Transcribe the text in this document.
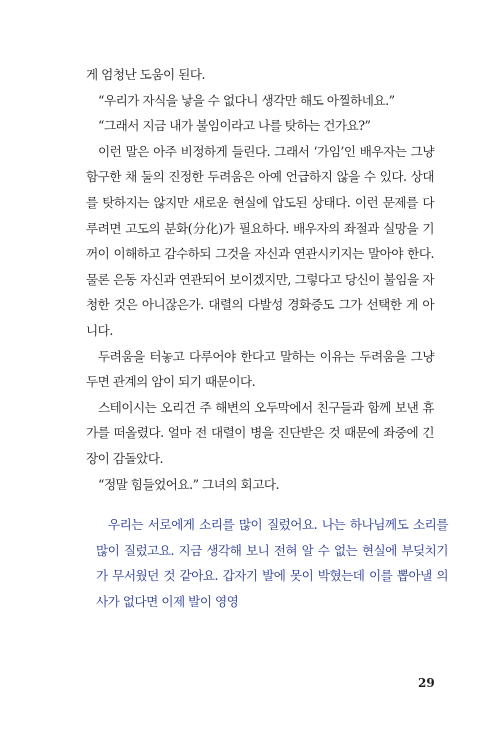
게 엄청난 도움이 된다.

“우리가 자식을 낳을 수 없다니 생각만 해도 아찔하네요.”

“그래서 지금 내가 불임이라고 나를 탓하는 건가요?”

이런 말은 아주 비정하게 들린다. 그래서 ‘가임’인 배우자는 그냥 함구한 채 둘의 진정한 두려움은 아예 언급하지 않을 수 있다. 상대를 탓하지는 않지만 새로운 현실에 압도된 상태다. 이런 문제를 다루려면 고도의 분화(分化)가 필요하다. 배우자의 좌절과 실망을 기꺼이 이해하고 감수하되 그것을 자신과 연관시키지는 말아야 한다. 물론 은동 자신과 연관되어 보이겠지만, 그렇다고 당신이 불임을 자청한 것은 아니잖은가. 대렬의 다발성 경화증도 그가 선택한 게 아니다.

두려움을 터놓고 다루어야 한다고 말하는 이유는 두려움을 그냥 두면 관계의 암이 되기 때문이다.

스테이시는 오리건 주 해변의 오두막에서 친구들과 함께 보낸 휴가를 떠올렸다. 얼마 전 대렬이 병을 진단받은 것 때문에 좌중에 긴장이 감돌았다.

“정말 힘들었어요.” 그녀의 회고다.

우리는 서로에게 소리를 많이 질렀어요. 나는 하나님께도 소리를 많이 질렀고요. 지금 생각해 보니 전혀 알 수 없는 현실에 부딪치기가 무서웠던 것 같아요. 갑자기 발에 못이 박혔는데 이를 뽑아낼 의사가 없다면 이제 발이 영영

29
